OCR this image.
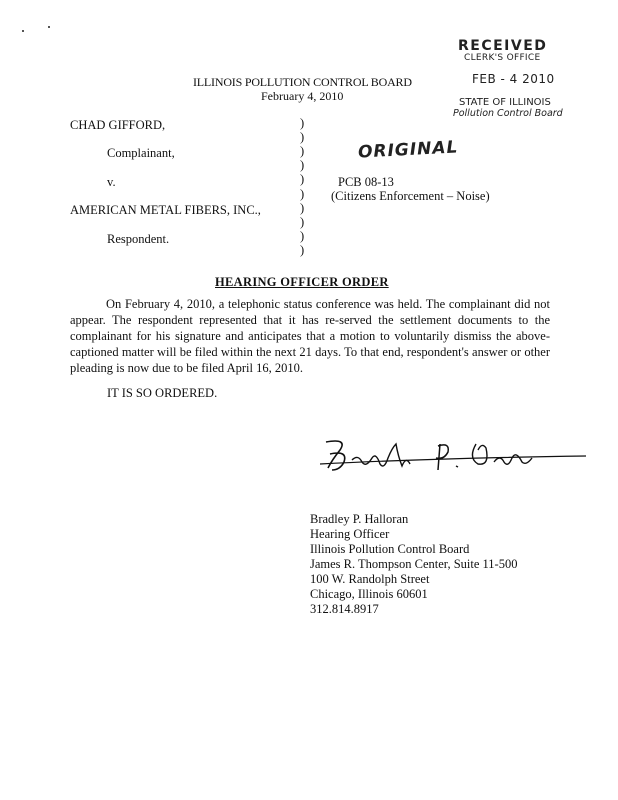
RECEIVED
CLERK'S OFFICE
FEB - 4 2010
STATE OF ILLINOIS
Pollution Control Board
ILLINOIS POLLUTION CONTROL BOARD
February 4, 2010
ORIGINAL
CHAD GIFFORD,
Complainant,
v.
AMERICAN METAL FIBERS, INC.,
Respondent.
)
)
)
)
)
)
)
)
)
)
PCB 08-13
(Citizens Enforcement – Noise)
HEARING OFFICER ORDER
On February 4, 2010, a telephonic status conference was held. The complainant did not appear. The respondent represented that it has re-served the settlement documents to the complainant for his signature and anticipates that a motion to voluntarily dismiss the above-captioned matter will be filed within the next 21 days. To that end, respondent's answer or other pleading is now due to be filed April 16, 2010.
IT IS SO ORDERED.
Bradley P. Halloran
Hearing Officer
Illinois Pollution Control Board
James R. Thompson Center, Suite 11-500
100 W. Randolph Street
Chicago, Illinois 60601
312.814.8917
